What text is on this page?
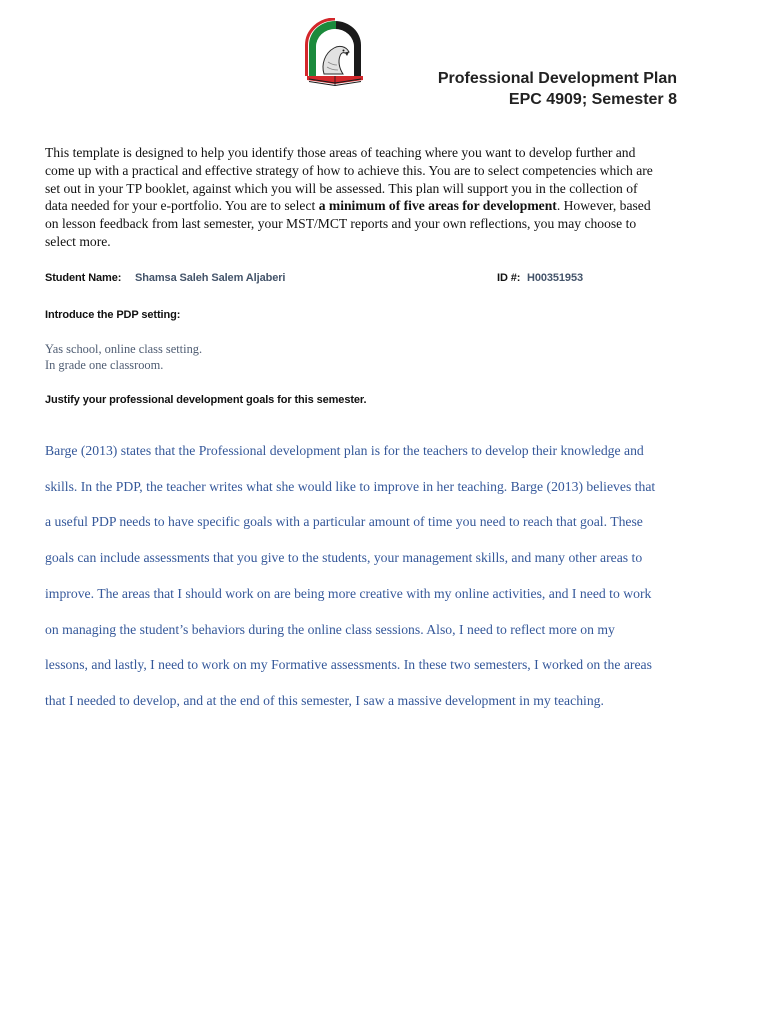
Professional Development Plan
EPC 4909; Semester 8
This template is designed to help you identify those areas of teaching where you want to develop further and
come up with a practical and effective strategy of how to achieve this. You are to select competencies which are
set out in your TP booklet, against which you will be assessed. This plan will support you in the collection of
data needed for your e-portfolio. You are to select a minimum of five areas for development. However, based
on lesson feedback from last semester, your MST/MCT reports and your own reflections, you may choose to
select more.
Student Name: Shamsa Saleh Salem Aljaberi	ID #: H00351953
Introduce the PDP setting:
Yas school, online class setting.
In grade one classroom.
Justify your professional development goals for this semester.
Barge (2013) states that the Professional development plan is for the teachers to develop their knowledge and
skills. In the PDP, the teacher writes what she would like to improve in her teaching. Barge (2013) believes that
a useful PDP needs to have specific goals with a particular amount of time you need to reach that goal. These
goals can include assessments that you give to the students, your management skills, and many other areas to
improve. The areas that I should work on are being more creative with my online activities, and I need to work
on managing the student’s behaviors during the online class sessions. Also, I need to reflect more on my
lessons, and lastly, I need to work on my Formative assessments. In these two semesters, I worked on the areas
that I needed to develop, and at the end of this semester, I saw a massive development in my teaching.
